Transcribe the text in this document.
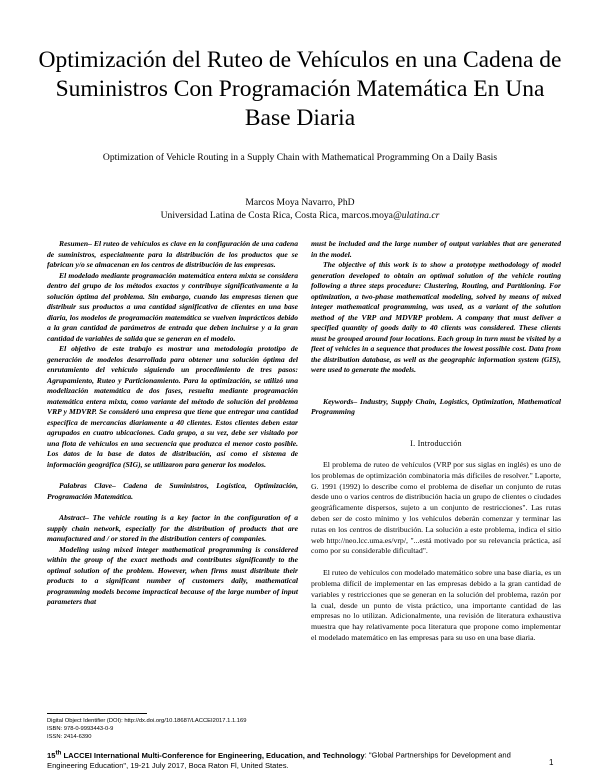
Optimización del Ruteo de Vehículos en una Cadena de Suministros Con Programación Matemática En Una Base Diaria
Optimization of Vehicle Routing in a Supply Chain with Mathematical Programming On a Daily Basis
Marcos Moya Navarro, PhD
Universidad Latina de Costa Rica, Costa Rica, marcos.moya@ulatina.cr

Resumen– El ruteo de vehículos es clave en la configuración de una cadena de suministros, especialmente para la distribución de los productos que se fabrican y/o se almacenan en los centros de distribución de las empresas.

El modelado mediante programación matemática entera mixta se considera dentro del grupo de los métodos exactos y contribuye significativamente a la solución óptima del problema. Sin embargo, cuando las empresas tienen que distribuir sus productos a una cantidad significativa de clientes en una base diaria, los modelos de programación matemática se vuelven imprácticos debido a la gran cantidad de parámetros de entrada que deben incluirse y a la gran cantidad de variables de salida que se generan en el modelo.

El objetivo de este trabajo es mostrar una metodología prototipo de generación de modelos desarrollada para obtener una solución óptima del enrutamiento del vehículo siguiendo un procedimiento de tres pasos: Agrupamiento, Ruteo y Particionamiento. Para la optimización, se utilizó una modelización matemática de dos fases, resuelta mediante programación matemática entera mixta, como variante del método de solución del problema VRP y MDVRP. Se consideró una empresa que tiene que entregar una cantidad específica de mercancías diariamente a 40 clientes. Estos clientes deben estar agrupados en cuatro ubicaciones. Cada grupo, a su vez, debe ser visitado por una flota de vehículos en una secuencia que produzca el menor costo posible. Los datos de la base de datos de distribución, así como el sistema de información geográfica (SIG), se utilizaron para generar los modelos.

Palabras Clave– Cadena de Suministros, Logística, Optimización, Programación Matemática.

Abstract– The vehicle routing is a key factor in the configuration of a supply chain network, especially for the distribution of products that are manufactured and / or stored in the distribution centers of companies.

Modeling using mixed integer mathematical programming is considered within the group of the exact methods and contributes significantly to the optimal solution of the problem. However, when firms must distribute their products to a significant number of customers daily, mathematical programming models become impractical because of the large number of input parameters that

must be included and the large number of output variables that are generated in the model.

The objective of this work is to show a prototype methodology of model generation developed to obtain an optimal solution of the vehicle routing following a three steps procedure: Clustering, Routing, and Partitioning. For optimization, a two-phase mathematical modeling, solved by means of mixed integer mathematical programming, was used, as a variant of the solution method of the VRP and MDVRP problem. A company that must deliver a specified quantity of goods daily to 40 clients was considered. These clients must be grouped around four locations. Each group in turn must be visited by a fleet of vehicles in a sequence that produces the lowest possible cost. Data from the distribution database, as well as the geographic information system (GIS), were used to generate the models.

Keywords– Industry, Supply Chain, Logistics, Optimization, Mathematical Programming

I. Introducción

El problema de ruteo de vehículos (VRP por sus siglas en inglés) es uno de los problemas de optimización combinatoria más difíciles de resolver." Laporte, G. 1991 (1992) lo describe como el problema de diseñar un conjunto de rutas desde uno o varios centros de distribución hacia un grupo de clientes o ciudades geográficamente dispersos, sujeto a un conjunto de restricciones". Las rutas deben ser de costo mínimo y los vehículos deberán comenzar y terminar las rutas en los centros de distribución. La solución a este problema, indica el sitio web http://neo.lcc.uma.es/vrp/, "...está motivado por su relevancia práctica, así como por su considerable dificultad".

El ruteo de vehículos con modelado matemático sobre una base diaria, es un problema difícil de implementar en las empresas debido a la gran cantidad de variables y restricciones que se generan en la solución del problema, razón por la cual, desde un punto de vista práctico, una importante cantidad de las empresas no lo utilizan. Adicionalmente, una revisión de literatura exhaustiva muestra que hay relativamente poca literatura que propone como implementar el modelado matemático en las empresas para su uso en una base diaria.

Digital Object Identifier (DOI): http://dx.doi.org/10.18687/LACCEI2017.1.1.169
ISBN: 978-0-9993443-0-9
ISSN: 2414-6390
15th LACCEI International Multi-Conference for Engineering, Education, and Technology: "Global Partnerships for Development and Engineering Education", 19-21 July 2017, Boca Raton Fl, United States.	1
